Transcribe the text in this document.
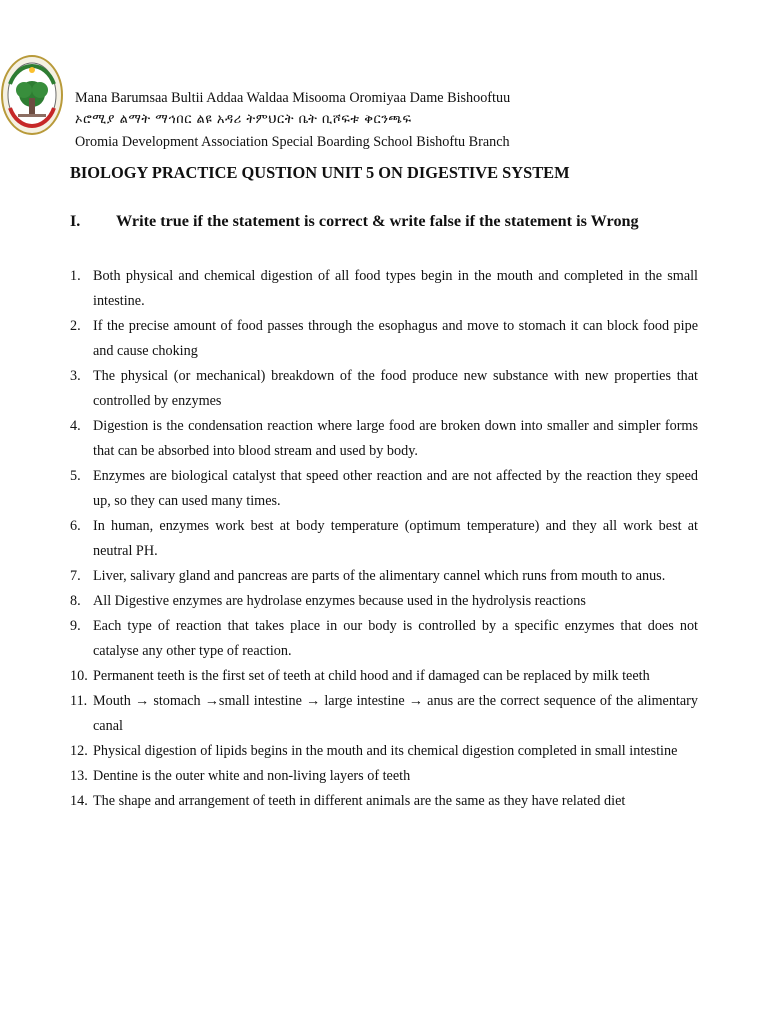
Mana Barumsaa Bultii Addaa Waldaa Misooma Oromiyaa Dame Bishooftuu
ኦሮሚያ ልማት ማኅበር ልዩ አዳሪ ትምህርት ቤት ቢሾፍቱ ቅርንጫፍ
Oromia Development Association Special Boarding School Bishoftu Branch
BIOLOGY PRACTICE QUSTION UNIT 5 ON DIGESTIVE SYSTEM
I. Write true if the statement is correct & write false if the statement is Wrong
1. Both physical and chemical digestion of all food types begin in the mouth and completed in the small intestine.
2. If the precise amount of food passes through the esophagus and move to stomach it can block food pipe and cause choking
3. The physical (or mechanical) breakdown of the food produce new substance with new properties that controlled by enzymes
4. Digestion is the condensation reaction where large food are broken down into smaller and simpler forms that can be absorbed into blood stream and used by body.
5. Enzymes are biological catalyst that speed other reaction and are not affected by the reaction they speed up, so they can used many times.
6. In human, enzymes work best at body temperature (optimum temperature) and they all work best at neutral PH.
7. Liver, salivary gland and pancreas are parts of the alimentary cannel which runs from mouth to anus.
8. All Digestive enzymes are hydrolase enzymes because used in the hydrolysis reactions
9. Each type of reaction that takes place in our body is controlled by a specific enzymes that does not catalyse any other type of reaction.
10. Permanent teeth is the first set of teeth at child hood and if damaged can be replaced by milk teeth
11. Mouth → stomach →small intestine → large intestine → anus are the correct sequence of the alimentary canal
12. Physical digestion of lipids begins in the mouth and its chemical digestion completed in small intestine
13. Dentine is the outer white and non-living layers of teeth
14. The shape and arrangement of teeth in different animals are the same as they have related diet
